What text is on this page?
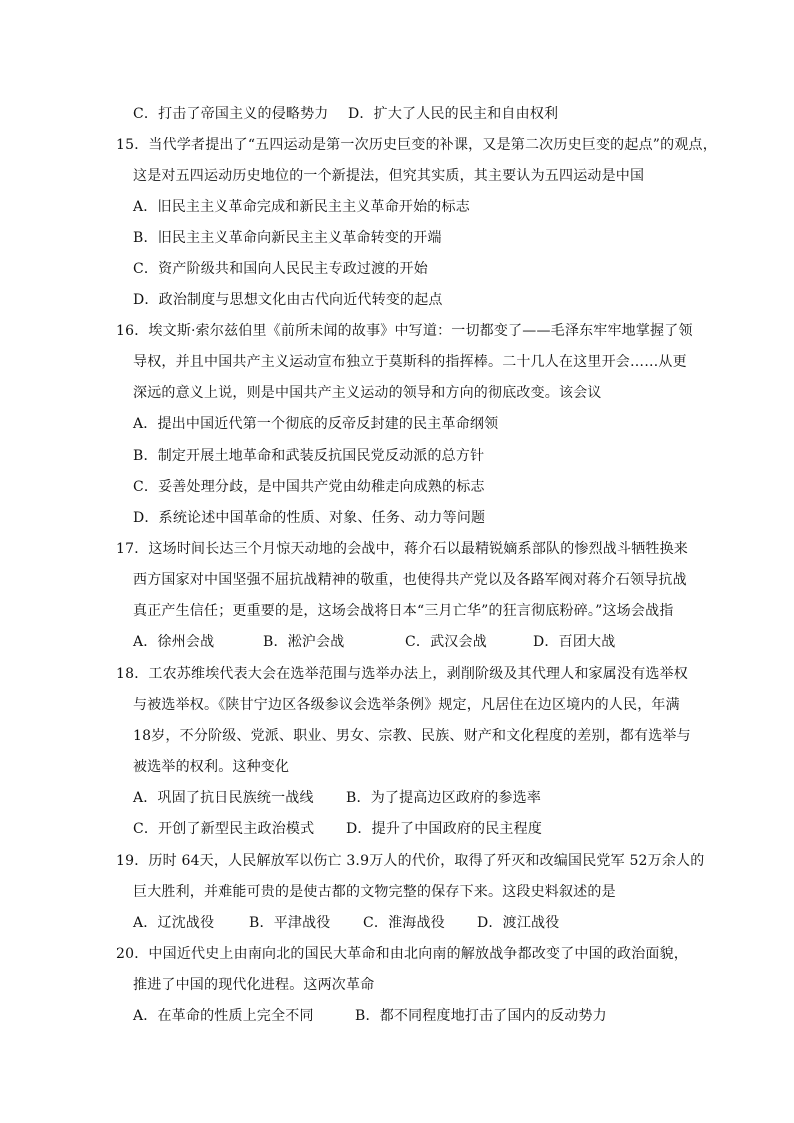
C．打击了帝国主义的侵略势力 D．扩大了人民的民主和自由权利
15．当代学者提出了“五四运动是第一次历史巨变的补课，又是第二次历史巨变的起点”的观点，
这是对五四运动历史地位的一个新提法，但究其实质，其主要认为五四运动是中国
A．旧民主主义革命完成和新民主主义革命开始的标志
B．旧民主主义革命向新民主主义革命转变的开端
C．资产阶级共和国向人民民主专政过渡的开始
D．政治制度与思想文化由古代向近代转变的起点
16．埃文斯·索尔兹伯里《前所未闻的故事》中写道：一切都变了——毛泽东牢牢地掌握了领
导权，并且中国共产主义运动宣布独立于莫斯科的指挥棒。二十几人在这里开会……从更
深远的意义上说，则是中国共产主义运动的领导和方向的彻底改变。该会议
A．提出中国近代第一个彻底的反帝反封建的民主革命纲领
B．制定开展土地革命和武装反抗国民党反动派的总方针
C．妥善处理分歧，是中国共产党由幼稚走向成熟的标志
D．系统论述中国革命的性质、对象、任务、动力等问题
17．这场时间长达三个月惊天动地的会战中，蒋介石以最精锐嫡系部队的惨烈战斗牺牲换来
西方国家对中国坚强不屈抗战精神的敬重，也使得共产党以及各路军阀对蒋介石领导抗战
真正产生信任；更重要的是，这场会战将日本“三月亡华”的狂言彻底粉碎。”这场会战指
A．徐州会战	B．淞沪会战	C．武汉会战	D．百团大战
18．工农苏维埃代表大会在选举范围与选举办法上，剥削阶级及其代理人和家属没有选举权
与被选举权。《陕甘宁边区各级参议会选举条例》规定，凡居住在边区境内的人民，年满
18岁，不分阶级、党派、职业、男女、宗教、民族、财产和文化程度的差别，都有选举与
被选举的权利。这种变化
A．巩固了抗日民族统一战线 B．为了提高边区政府的参选率
C．开创了新型民主政治模式 D．提升了中国政府的民主程度
19．历时 64天，人民解放军以伤亡 3.9万人的代价，取得了歼灭和改编国民党军 52万余人的
巨大胜利，并难能可贵的是使古都的文物完整的保存下来。这段史料叙述的是
A．辽沈战役 B．平津战役 C．淮海战役 D．渡江战役
20．中国近代史上由南向北的国民大革命和由北向南的解放战争都改变了中国的政治面貌，
推进了中国的现代化进程。这两次革命
A．在革命的性质上完全不同	B．都不同程度地打击了国内的反动势力
